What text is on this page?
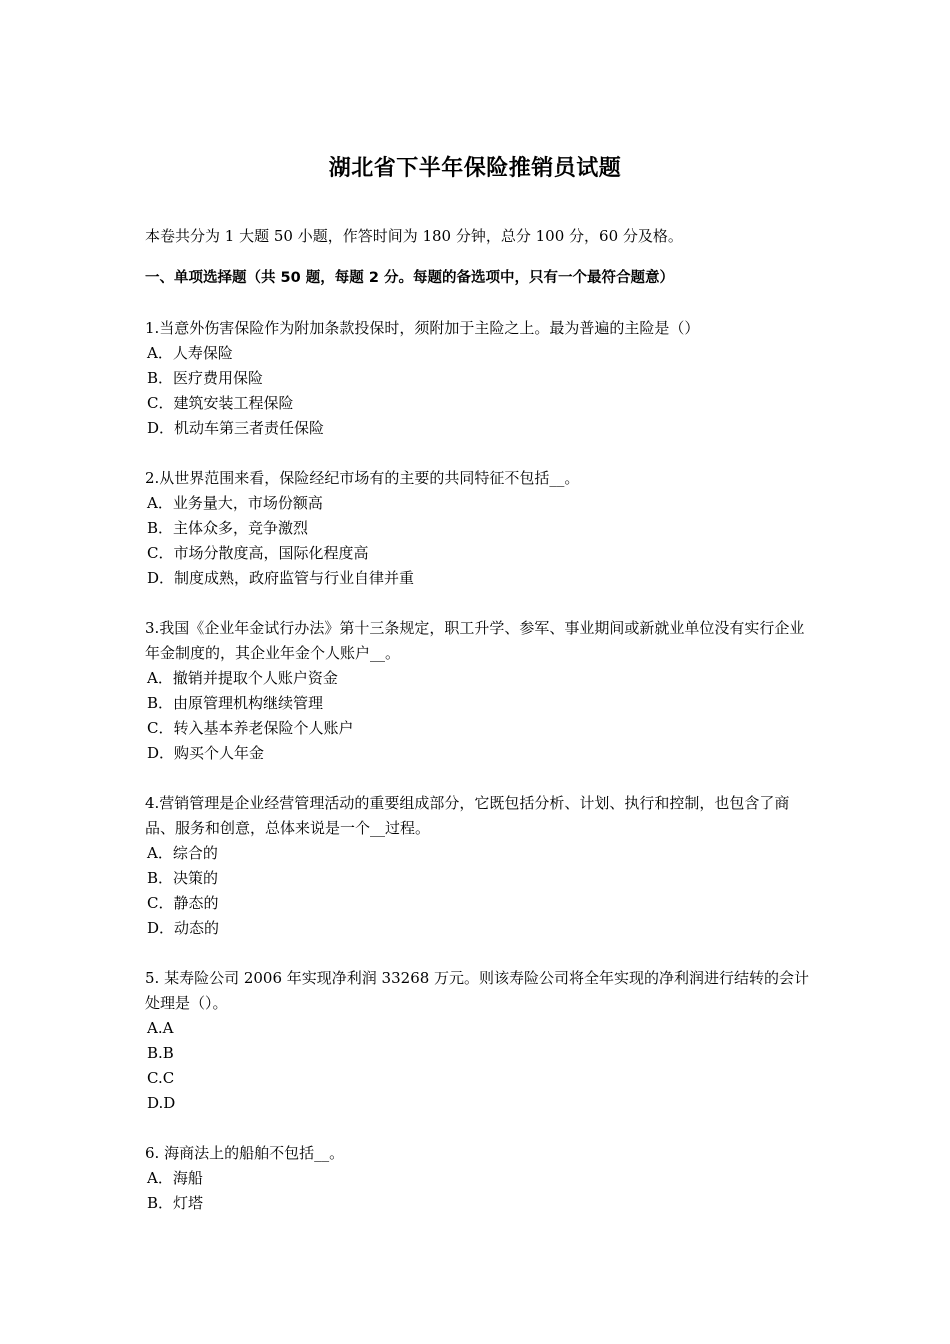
湖北省下半年保险推销员试题

本卷共分为 1 大题 50 小题，作答时间为 180 分钟，总分 100 分，60 分及格。

一、单项选择题（共 50 题，每题 2 分。每题的备选项中，只有一个最符合题意）

1.当意外伤害保险作为附加条款投保时，须附加于主险之上。最为普遍的主险是（）

A．人寿保险

B．医疗费用保险

C．建筑安装工程保险

D．机动车第三者责任保险

2.从世界范围来看，保险经纪市场有的主要的共同特征不包括__。

A．业务量大，市场份额高

B．主体众多，竞争激烈

C．市场分散度高，国际化程度高

D．制度成熟，政府监管与行业自律并重

3.我国《企业年金试行办法》第十三条规定，职工升学、参军、事业期间或新就业单位没有实行企业年金制度的，其企业年金个人账户__。

A．撤销并提取个人账户资金

B．由原管理机构继续管理

C．转入基本养老保险个人账户

D．购买个人年金

4.营销管理是企业经营管理活动的重要组成部分，它既包括分析、计划、执行和控制，也包含了商品、服务和创意，总体来说是一个__过程。

A．综合的

B．决策的

C．静态的

D．动态的

5. 某寿险公司 2006 年实现净利润 33268 万元。则该寿险公司将全年实现的净利润进行结转的会计处理是（）。

A.A

B.B

C.C

D.D

6. 海商法上的船舶不包括__。

A．海船

B．灯塔
